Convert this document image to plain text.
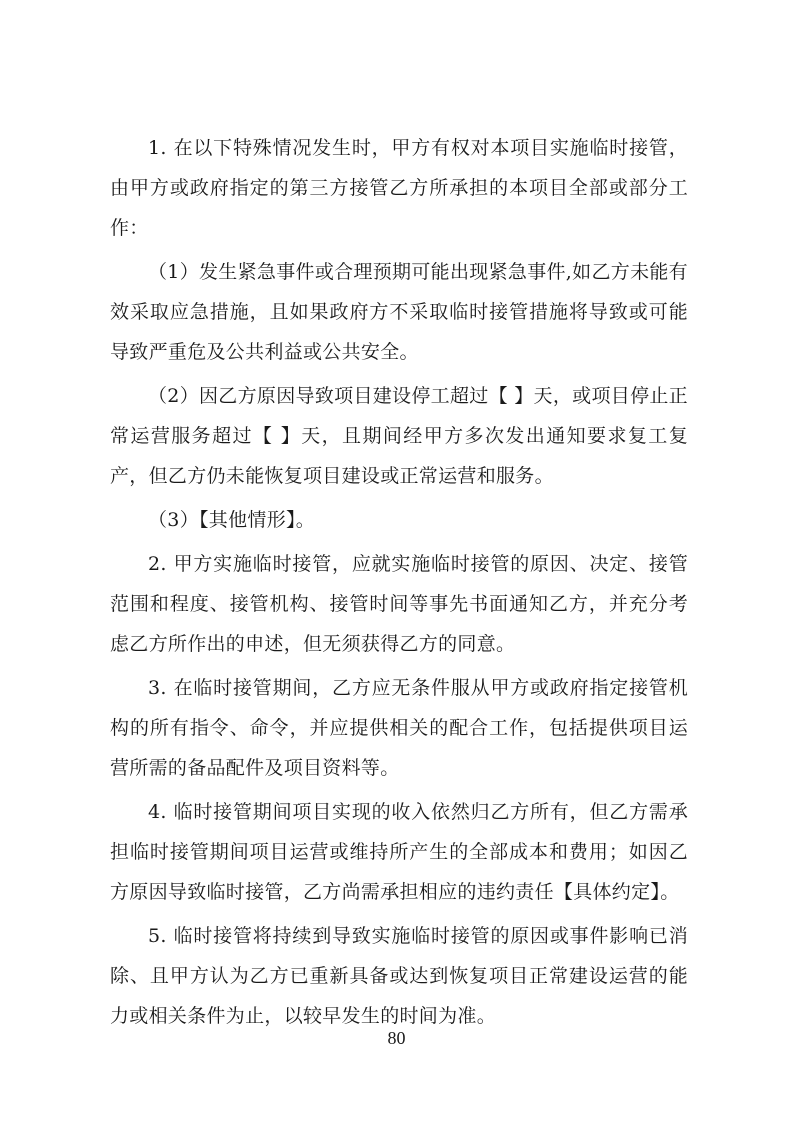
1. 在以下特殊情况发生时，甲方有权对本项目实施临时接管，由甲方或政府指定的第三方接管乙方所承担的本项目全部或部分工作：

（1）发生紧急事件或合理预期可能出现紧急事件,如乙方未能有效采取应急措施，且如果政府方不采取临时接管措施将导致或可能导致严重危及公共利益或公共安全。

（2）因乙方原因导致项目建设停工超过【 】天，或项目停止正常运营服务超过【 】天，且期间经甲方多次发出通知要求复工复产，但乙方仍未能恢复项目建设或正常运营和服务。

（3）【其他情形】。

2. 甲方实施临时接管，应就实施临时接管的原因、决定、接管范围和程度、接管机构、接管时间等事先书面通知乙方，并充分考虑乙方所作出的申述，但无须获得乙方的同意。

3. 在临时接管期间，乙方应无条件服从甲方或政府指定接管机构的所有指令、命令，并应提供相关的配合工作，包括提供项目运营所需的备品配件及项目资料等。

4. 临时接管期间项目实现的收入依然归乙方所有，但乙方需承担临时接管期间项目运营或维持所产生的全部成本和费用；如因乙方原因导致临时接管，乙方尚需承担相应的违约责任【具体约定】。

5. 临时接管将持续到导致实施临时接管的原因或事件影响已消除、且甲方认为乙方已重新具备或达到恢复项目正常建设运营的能力或相关条件为止，以较早发生的时间为准。

80
